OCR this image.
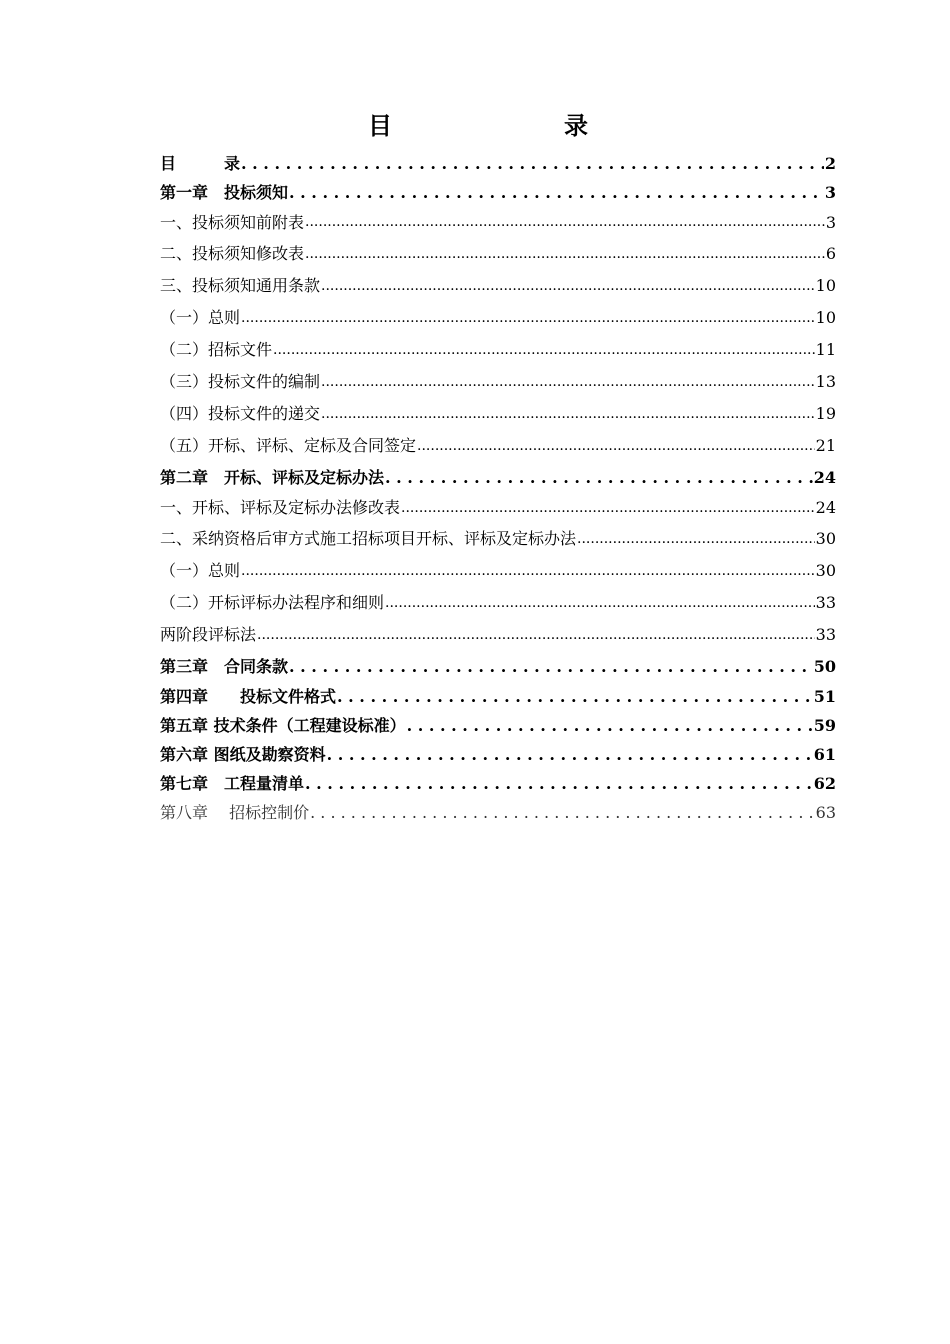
目　录
目　　　录 . . .	2
第一章　投标须知 . . .	3
一、投标须知前附表 .....	3
二、投标须知修改表 .....	6
三、投标须知通用条款 .....	10
（一）总则 .....	10
（二）招标文件 .....	11
（三）投标文件的编制 .....	13
（四）投标文件的递交 .....	19
（五）开标、评标、定标及合同签定 .....	21
第二章　开标、评标及定标办法 . . .	24
一、开标、评标及定标办法修改表 .....	24
二、采纳资格后审方式施工招标项目开标、评标及定标办法 .....	30
（一）总则 .....	30
（二）开标评标办法程序和细则 .....	33
两阶段评标法 .....	33
第三章　合同条款 . . .	50
第四章　　投标文件格式 . . .	51
第五章 技术条件（工程建设标准） . . .	59
第六章 图纸及勘察资料 . . .	61
第七章　工程量清单 . . .	62
第八章　 招标控制价 . . .	63
